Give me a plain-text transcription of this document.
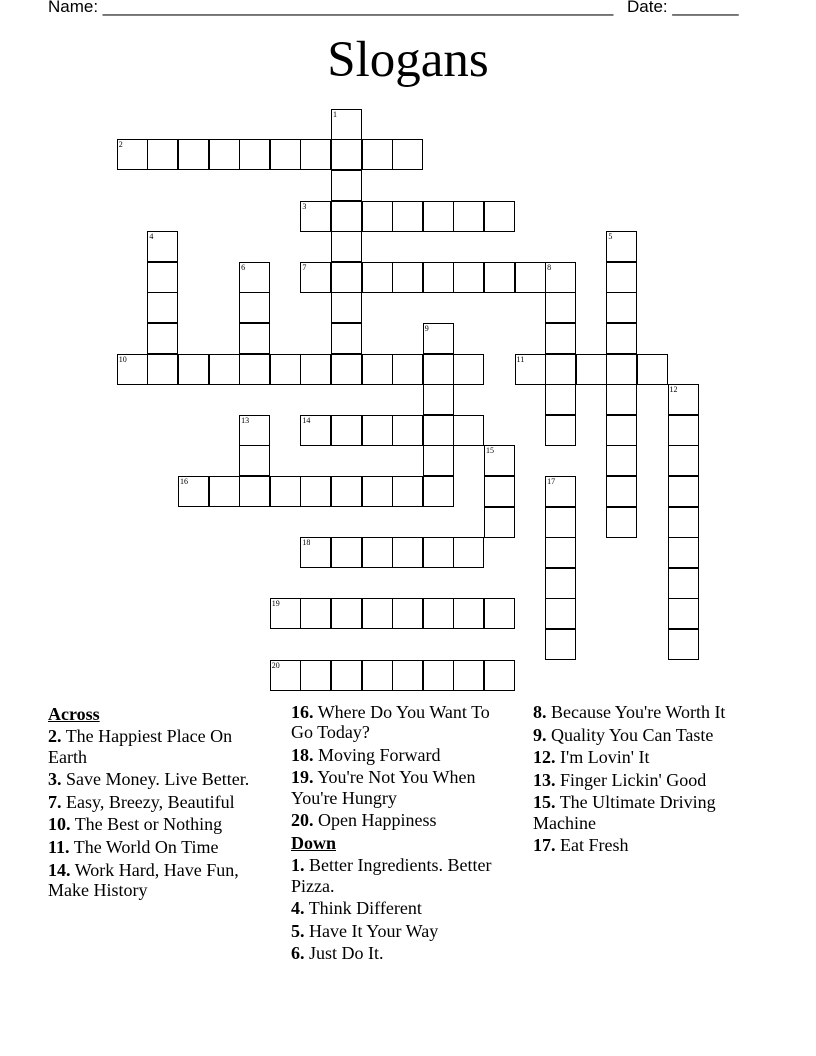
Name: ______________________________________________________ Date: _______
Slogans
1
2
3
4	5
6	7	8
9
10	11
12
13	14
15
16	17
18
19
20
Across
2. The Happiest Place On Earth
3. Save Money. Live Better.
7. Easy, Breezy, Beautiful
10. The Best or Nothing
11. The World On Time
14. Work Hard, Have Fun, Make History
16. Where Do You Want To Go Today?
18. Moving Forward
19. You're Not You When You're Hungry
20. Open Happiness
Down
1. Better Ingredients. Better Pizza.
4. Think Different
5. Have It Your Way
6. Just Do It.
8. Because You're Worth It
9. Quality You Can Taste
12. I'm Lovin' It
13. Finger Lickin' Good
15. The Ultimate Driving Machine
17. Eat Fresh
